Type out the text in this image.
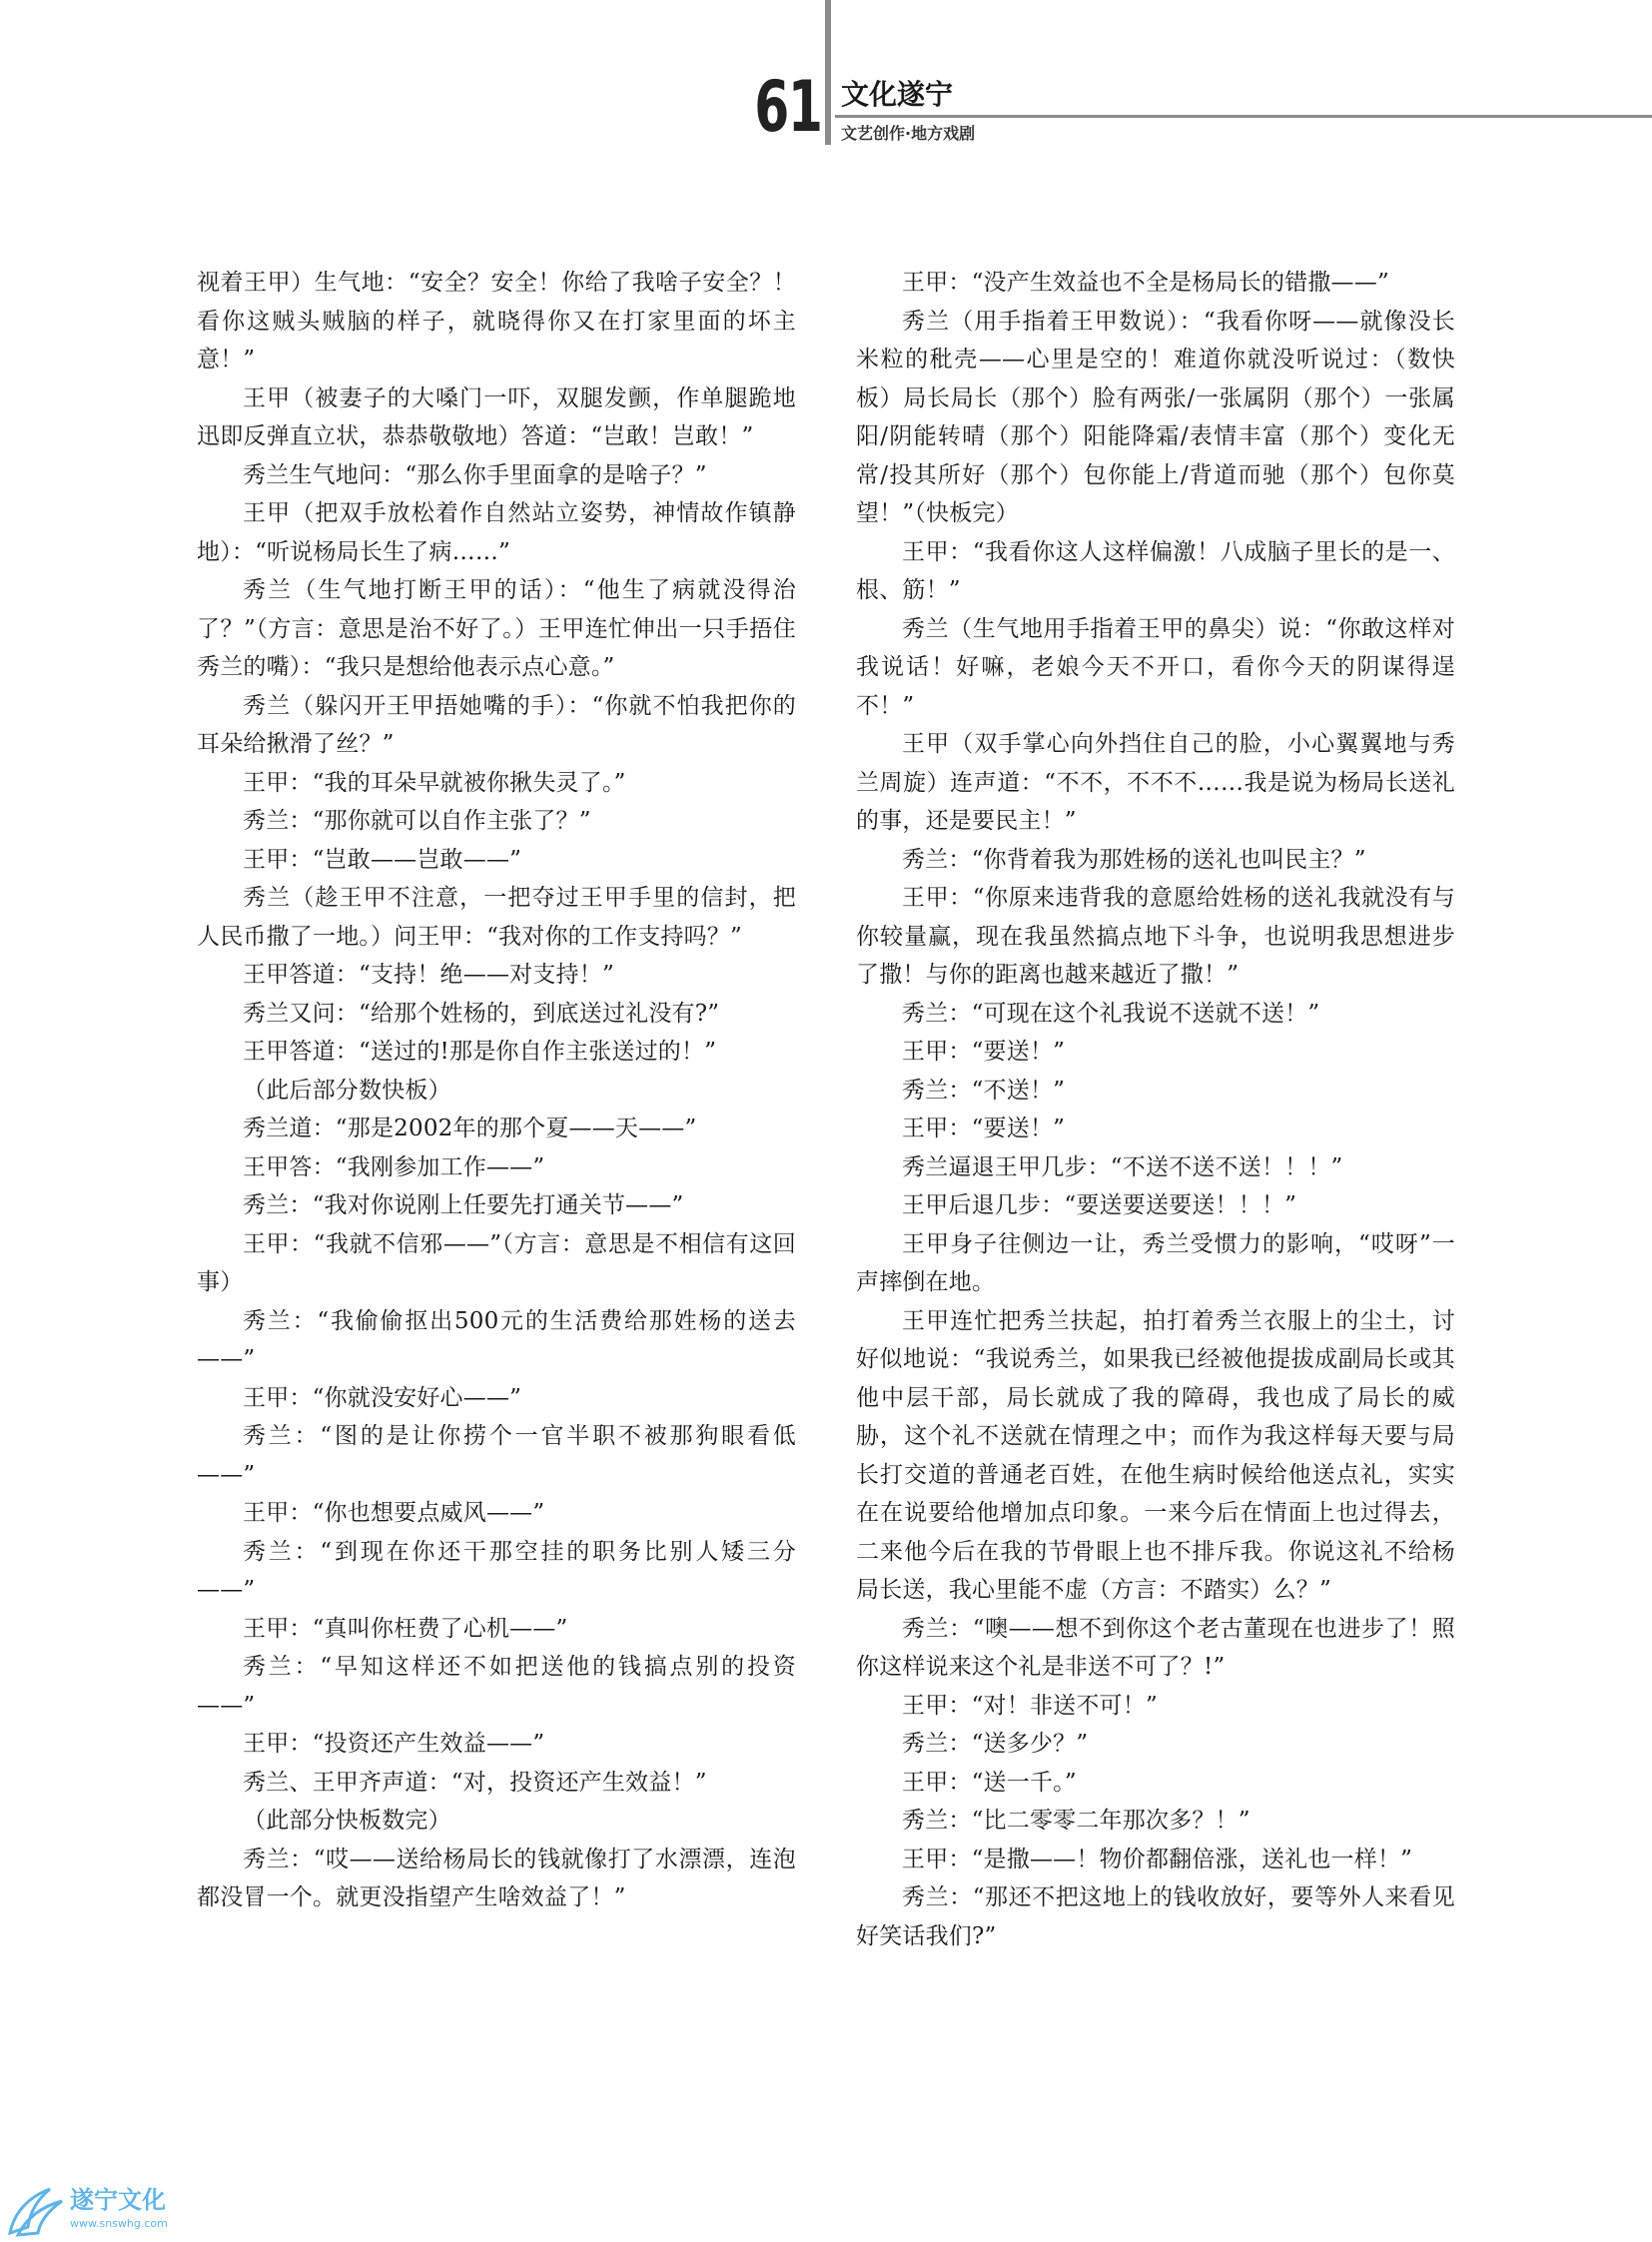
61 文化遂宁
文艺创作·地方戏剧

视着王甲）生气地：“安全？安全！你给了我啥子安全？！看你这贼头贼脑的样子，就晓得你又在打家里面的坏主意！”

王甲（被妻子的大嗓门一吓，双腿发颤，作单腿跪地迅即反弹直立状，恭恭敬敬地）答道：“岂敢！岂敢！”

秀兰生气地问：“那么你手里面拿的是啥子？”

王甲（把双手放松着作自然站立姿势，神情故作镇静地）：“听说杨局长生了病……”

秀兰（生气地打断王甲的话）：“他生了病就没得治了？”（方言：意思是治不好了。）王甲连忙伸出一只手捂住秀兰的嘴）：“我只是想给他表示点心意。”

秀兰（躲闪开王甲捂她嘴的手）：“你就不怕我把你的耳朵给揪滑了丝？”

王甲：“我的耳朵早就被你揪失灵了。”

秀兰：“那你就可以自作主张了？”

王甲：“岂敢——岂敢——”

秀兰（趁王甲不注意，一把夺过王甲手里的信封，把人民币撒了一地。）问王甲：“我对你的工作支持吗？”

王甲答道：“支持！绝——对支持！”

秀兰又问：“给那个姓杨的，到底送过礼没有?”

王甲答道：“送过的!那是你自作主张送过的！”

（此后部分数快板）

秀兰道：“那是2002年的那个夏——天——”

王甲答：“我刚参加工作——”

秀兰：“我对你说刚上任要先打通关节——”

王甲：“我就不信邪——”（方言：意思是不相信有这回事）

秀兰：“我偷偷抠出500元的生活费给那姓杨的送去——”

王甲：“你就没安好心——”

秀兰：“图的是让你捞个一官半职不被那狗眼看低——”

王甲：“你也想要点威风——”

秀兰：“到现在你还干那空挂的职务比别人矮三分——”

王甲：“真叫你枉费了心机——”

秀兰：“早知这样还不如把送他的钱搞点别的投资——”

王甲：“投资还产生效益——”

秀兰、王甲齐声道：“对，投资还产生效益！”

（此部分快板数完）

秀兰：“哎——送给杨局长的钱就像打了水漂漂，连泡都没冒一个。就更没指望产生啥效益了！”

王甲：“没产生效益也不全是杨局长的错撒——”

秀兰（用手指着王甲数说）：“我看你呀——就像没长米粒的秕壳——心里是空的！难道你就没听说过：（数快板）局长局长（那个）脸有两张/一张属阴（那个）一张属阳/阴能转晴（那个）阳能降霜/表情丰富（那个）变化无常/投其所好（那个）包你能上/背道而驰（那个）包你莫望！”（快板完）

王甲：“我看你这人这样偏激！八成脑子里长的是一、根、筋！”

秀兰（生气地用手指着王甲的鼻尖）说：“你敢这样对我说话！好嘛，老娘今天不开口，看你今天的阴谋得逞不！”

王甲（双手掌心向外挡住自己的脸，小心翼翼地与秀兰周旋）连声道：“不不，不不不……我是说为杨局长送礼的事，还是要民主！”

秀兰：“你背着我为那姓杨的送礼也叫民主？”

王甲：“你原来违背我的意愿给姓杨的送礼我就没有与你较量赢，现在我虽然搞点地下斗争，也说明我思想进步了撒！与你的距离也越来越近了撒！”

秀兰：“可现在这个礼我说不送就不送！”

王甲：“要送！”

秀兰：“不送！”

王甲：“要送！”

秀兰逼退王甲几步：“不送不送不送！！！”

王甲后退几步：“要送要送要送！！！”

王甲身子往侧边一让，秀兰受惯力的影响，“哎呀”一声摔倒在地。

王甲连忙把秀兰扶起，拍打着秀兰衣服上的尘土，讨好似地说：“我说秀兰，如果我已经被他提拔成副局长或其他中层干部，局长就成了我的障碍，我也成了局长的威胁，这个礼不送就在情理之中；而作为我这样每天要与局长打交道的普通老百姓，在他生病时候给他送点礼，实实在在说要给他增加点印象。一来今后在情面上也过得去，二来他今后在我的节骨眼上也不排斥我。你说这礼不给杨局长送，我心里能不虚（方言：不踏实）么？”

秀兰：“噢——想不到你这个老古董现在也进步了！照你这样说来这个礼是非送不可了？!”

王甲：“对！非送不可！”

秀兰：“送多少？”

王甲：“送一千。”

秀兰：“比二零零二年那次多？！”

王甲：“是撒——！物价都翻倍涨，送礼也一样！”

秀兰：“那还不把这地上的钱收放好，要等外人来看见好笑话我们?”

遂宁文化
www.snswhg.com
